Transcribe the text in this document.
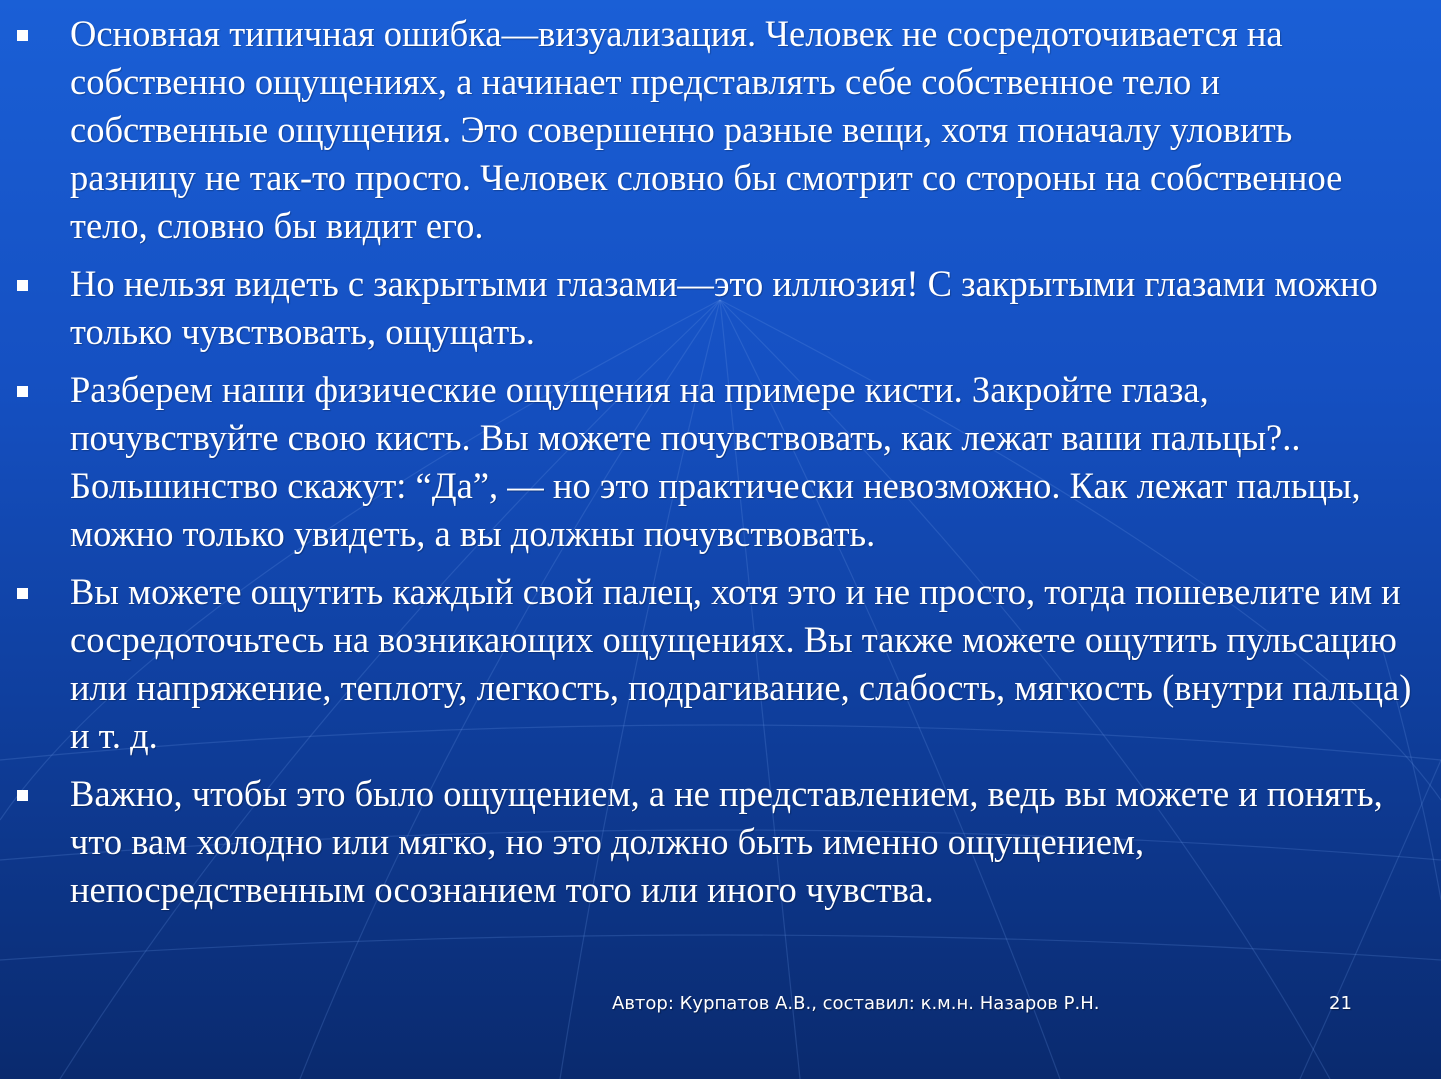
Основная типичная ошибка—визуализация. Человек не сосредоточивается на собственно ощущениях, а начинает представлять себе собственное тело и собственные ощущения. Это совершенно разные вещи, хотя поначалу уловить разницу не так-то просто. Человек словно бы смотрит со стороны на собственное тело, словно бы видит его.
Но нельзя видеть с закрытыми глазами—это иллюзия! С закрытыми глазами можно только чувствовать, ощущать.
Разберем наши физические ощущения на примере кисти. Закройте глаза, почувствуйте свою кисть. Вы можете почувствовать, как лежат ваши пальцы?.. Большинство скажут: “Да”, — но это практически невозможно. Как лежат пальцы, можно только увидеть, а вы должны почувствовать.
Вы можете ощутить каждый свой палец, хотя это и не просто, тогда пошевелите им и сосредоточьтесь на возникающих ощущениях. Вы также можете ощутить пульсацию или напряжение, теплоту, легкость, подрагивание, слабость, мягкость (внутри пальца) и т. д.
Важно, чтобы это было ощущением, а не представлением, ведь вы можете и понять, что вам холодно или мягко, но это должно быть именно ощущением, непосредственным осознанием того или иного чувства.
Автор: Курпатов А.В., составил: к.м.н. Назаров Р.Н.	21
